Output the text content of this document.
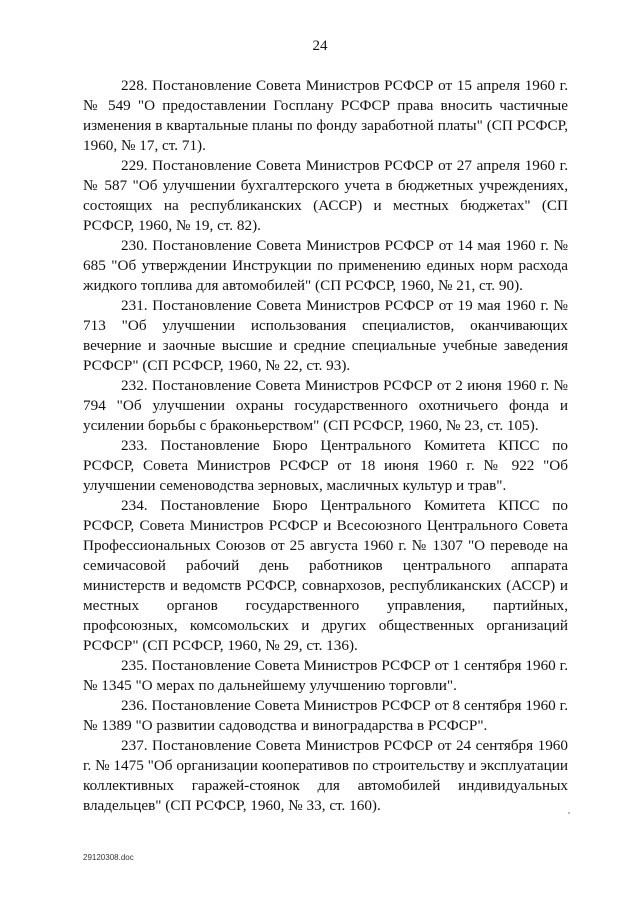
24

228. Постановление Совета Министров РСФСР от 15 апреля 1960 г. № 549 "О предоставлении Госплану РСФСР права вносить частичные изменения в квартальные планы по фонду заработной платы" (СП РСФСР, 1960, № 17, ст. 71).

229. Постановление Совета Министров РСФСР от 27 апреля 1960 г. № 587 "Об улучшении бухгалтерского учета в бюджетных учреждениях, состоящих на республиканских (АССР) и местных бюджетах" (СП РСФСР, 1960, № 19, ст. 82).

230. Постановление Совета Министров РСФСР от 14 мая 1960 г. № 685 "Об утверждении Инструкции по применению единых норм расхода жидкого топлива для автомобилей" (СП РСФСР, 1960, № 21, ст. 90).

231. Постановление Совета Министров РСФСР от 19 мая 1960 г. № 713 "Об улучшении использования специалистов, оканчивающих вечерние и заочные высшие и средние специальные учебные заведения РСФСР" (СП РСФСР, 1960, № 22, ст. 93).

232. Постановление Совета Министров РСФСР от 2 июня 1960 г. № 794 "Об улучшении охраны государственного охотничьего фонда и усилении борьбы с браконьерством" (СП РСФСР, 1960, № 23, ст. 105).

233. Постановление Бюро Центрального Комитета КПСС по РСФСР, Совета Министров РСФСР от 18 июня 1960 г. № 922 "Об улучшении семеноводства зерновых, масличных культур и трав".

234. Постановление Бюро Центрального Комитета КПСС по РСФСР, Совета Министров РСФСР и Всесоюзного Центрального Совета Профессиональных Союзов от 25 августа 1960 г. № 1307 "О переводе на семичасовой рабочий день работников центрального аппарата министерств и ведомств РСФСР, совнархозов, республиканских (АССР) и местных органов государственного управления, партийных, профсоюзных, комсомольских и других общественных организаций РСФСР" (СП РСФСР, 1960, № 29, ст. 136).

235. Постановление Совета Министров РСФСР от 1 сентября 1960 г. № 1345 "О мерах по дальнейшему улучшению торговли".

236. Постановление Совета Министров РСФСР от 8 сентября 1960 г. № 1389 "О развитии садоводства и виноградарства в РСФСР".

237. Постановление Совета Министров РСФСР от 24 сентября 1960 г. № 1475 "Об организации кооперативов по строительству и эксплуатации коллективных гаражей-стоянок для автомобилей индивидуальных владельцев" (СП РСФСР, 1960, № 33, ст. 160).

29120308.doc
